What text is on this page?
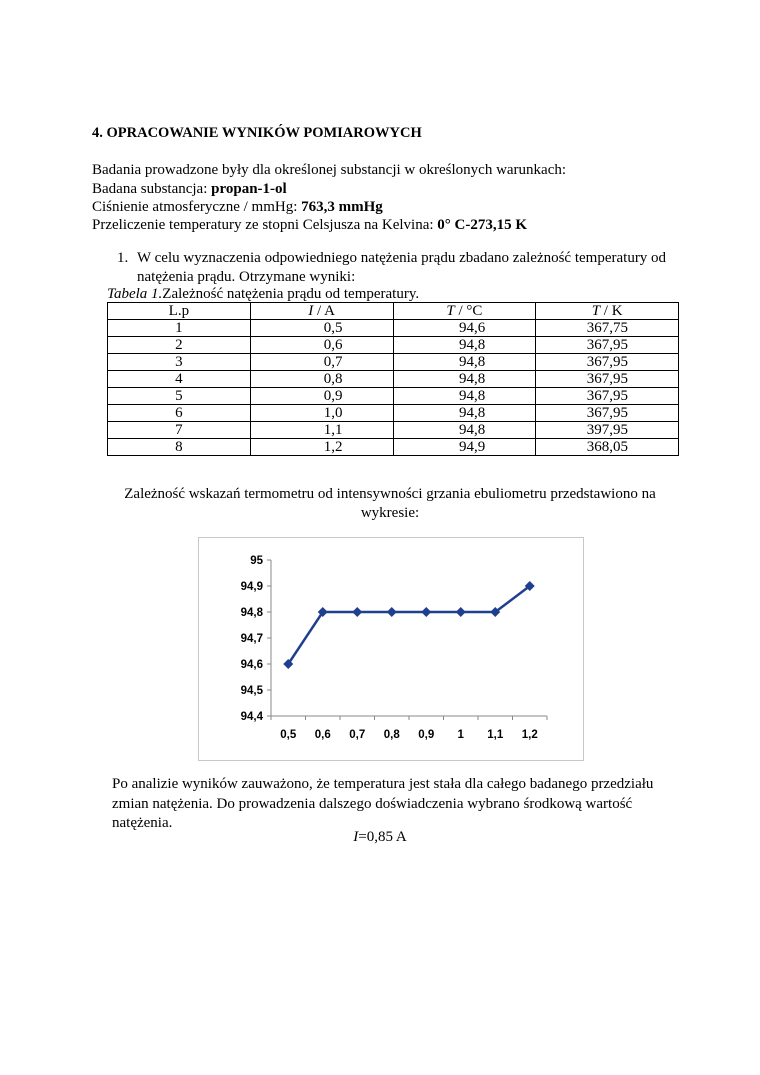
4. OPRACOWANIE WYNIKÓW POMIAROWYCH
Badania prowadzone były dla określonej substancji w określonych warunkach:
Badana substancja: propan-1-ol
Ciśnienie atmosferyczne / mmHg: 763,3 mmHg
Przeliczenie temperatury ze stopni Celsjusza na Kelvina: 0° C-273,15 K
1. W celu wyznaczenia odpowiedniego natężenia prądu zbadano zależność temperatury od natężenia prądu. Otrzymane wyniki:
Tabela 1.Zależność natężenia prądu od temperatury.
L.p	I / A	T / °C	T / K
1	0,5	94,6	367,75
2	0,6	94,8	367,95
3	0,7	94,8	367,95
4	0,8	94,8	367,95
5	0,9	94,8	367,95
6	1,0	94,8	367,95
7	1,1	94,8	397,95
8	1,2	94,9	368,05
Zależność wskazań termometru od intensywności grzania ebuliometru przedstawiono na wykresie:
94,4
94,5
94,6
94,7
94,8
94,9
95
0,5 0,6 0,7 0,8 0,9 1 1,1 1,2
Po analizie wyników zauważono, że temperatura jest stała dla całego badanego przedziału zmian natężenia. Do prowadzenia dalszego doświadczenia wybrano środkową wartość natężenia.
I=0,85 A
